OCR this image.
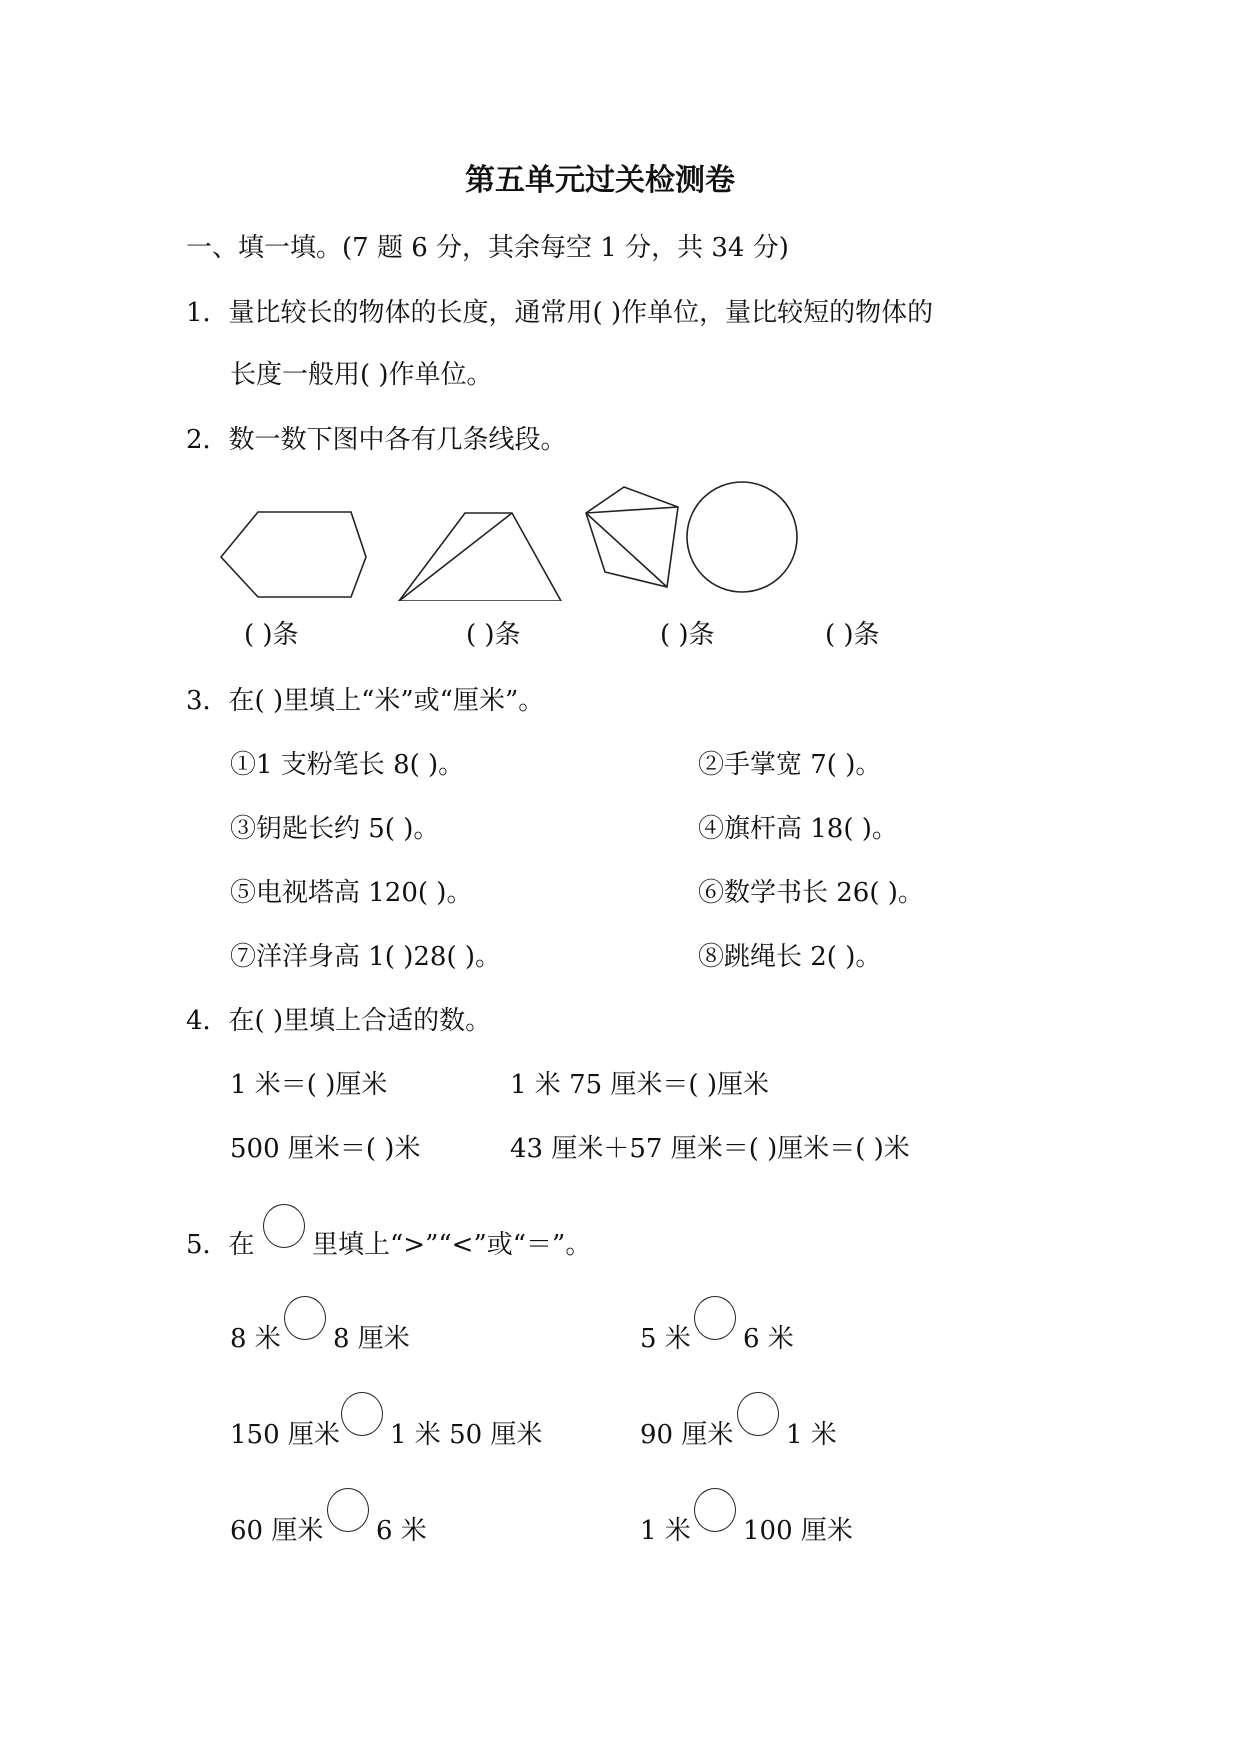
第五单元过关检测卷
一、填一填。(7 题 6 分，其余每空 1 分，共 34 分)
1．量比较长的物体的长度，通常用( )作单位，量比较短的物体的
长度一般用( )作单位。
2．数一数下图中各有几条线段。
( )条	( )条	( )条	( )条
3．在( )里填上“米”或“厘米”。
①1 支粉笔长 8( )。	②手掌宽 7( )。
③钥匙长约 5( )。	④旗杆高 18( )。
⑤电视塔高 120( )。	⑥数学书长 26( )。
⑦洋洋身高 1( )28( )。	⑧跳绳长 2( )。
4．在( )里填上合适的数。
1 米＝( )厘米	1 米 75 厘米＝( )厘米
500 厘米＝( )米	43 厘米＋57 厘米＝( )厘米＝( )米
5．在 里填上“>”“<”或“＝”。
8 米 8 厘米	5 米 6 米
150 厘米 1 米 50 厘米	90 厘米 1 米
60 厘米 6 米	1 米 100 厘米
